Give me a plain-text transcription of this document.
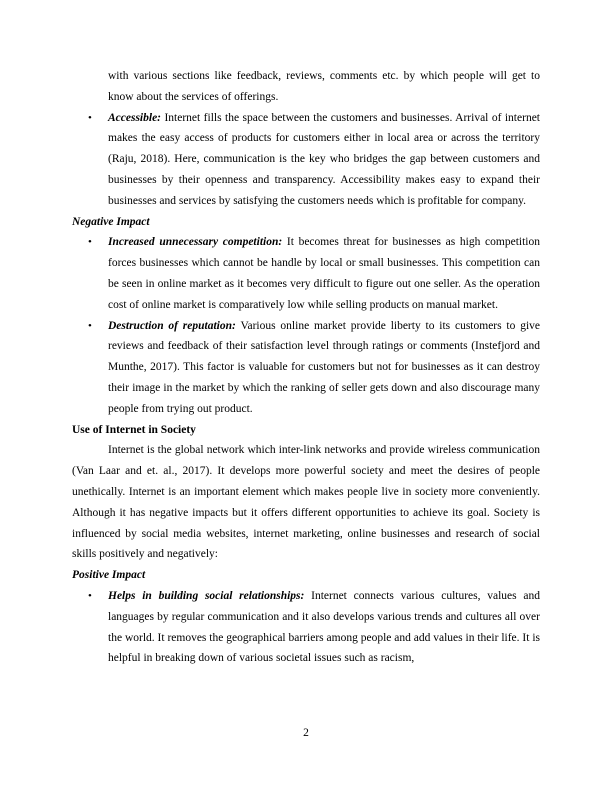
with various sections like feedback, reviews, comments etc. by which people will get to know about the services of offerings.
• Accessible: Internet fills the space between the customers and businesses. Arrival of internet makes the easy access of products for customers either in local area or across the territory (Raju, 2018). Here, communication is the key who bridges the gap between customers and businesses by their openness and transparency. Accessibility makes easy to expand their businesses and services by satisfying the customers needs which is profitable for company.
Negative Impact
• Increased unnecessary competition: It becomes threat for businesses as high competition forces businesses which cannot be handle by local or small businesses. This competition can be seen in online market as it becomes very difficult to figure out one seller. As the operation cost of online market is comparatively low while selling products on manual market.
• Destruction of reputation: Various online market provide liberty to its customers to give reviews and feedback of their satisfaction level through ratings or comments (Instefjord and Munthe, 2017). This factor is valuable for customers but not for businesses as it can destroy their image in the market by which the ranking of seller gets down and also discourage many people from trying out product.
Use of Internet in Society
Internet is the global network which inter-link networks and provide wireless communication (Van Laar and et. al., 2017). It develops more powerful society and meet the desires of people unethically. Internet is an important element which makes people live in society more conveniently. Although it has negative impacts but it offers different opportunities to achieve its goal. Society is influenced by social media websites, internet marketing, online businesses and research of social skills positively and negatively:
Positive Impact
• Helps in building social relationships: Internet connects various cultures, values and languages by regular communication and it also develops various trends and cultures all over the world. It removes the geographical barriers among people and add values in their life. It is helpful in breaking down of various societal issues such as racism,
2
